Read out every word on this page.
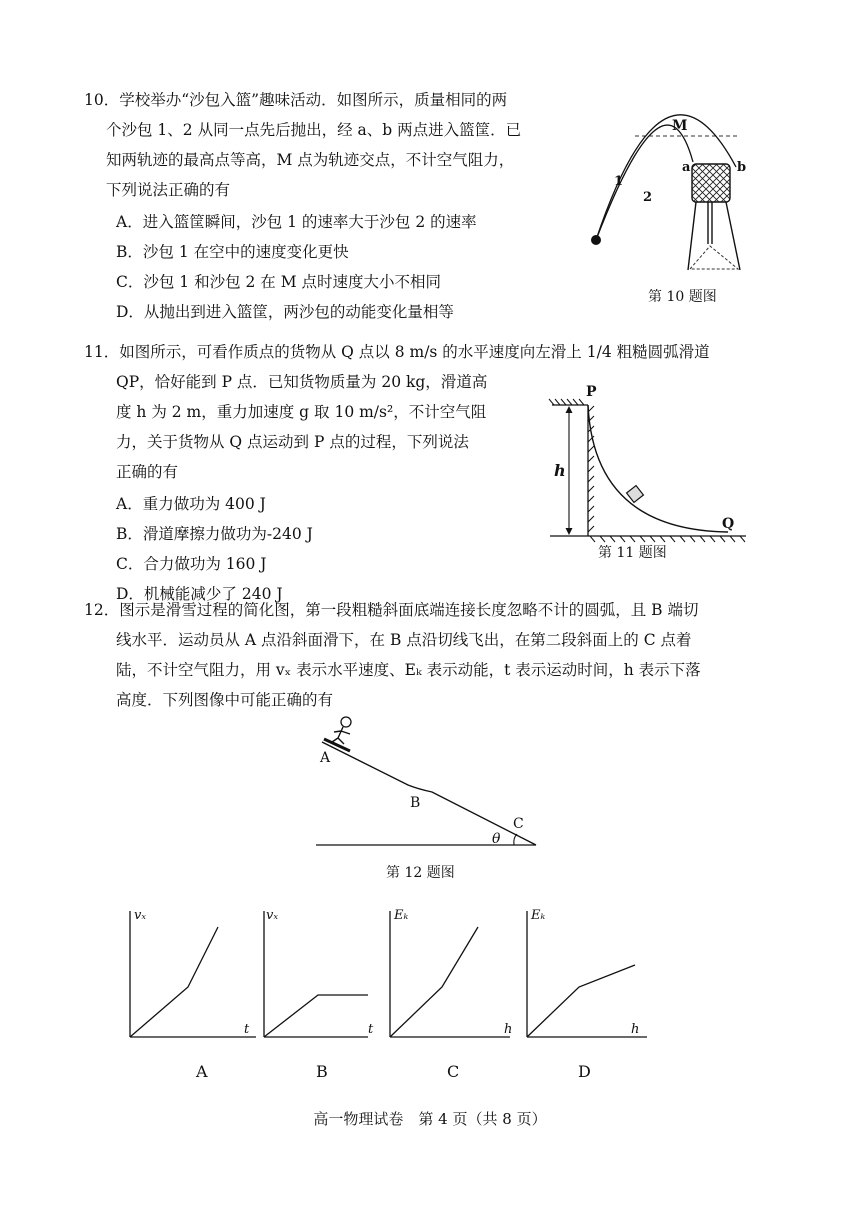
10．学校举办“沙包入篮”趣味活动．如图所示，质量相同的两
个沙包 1、2 从同一点先后抛出，经 a、b 两点进入篮筐．已
知两轨迹的最高点等高，M 点为轨迹交点，不计空气阻力，
下列说法正确的有
A．进入篮筐瞬间，沙包 1 的速率大于沙包 2 的速率
B．沙包 1 在空中的速度变化更快
C．沙包 1 和沙包 2 在 M 点时速度大小不相同
D．从抛出到进入篮筐，两沙包的动能变化量相等
M
a	b
1
2
第 10 题图
11．如图所示，可看作质点的货物从 Q 点以 8 m/s 的水平速度向左滑上 1/4 粗糙圆弧滑道
QP，恰好能到 P 点．已知货物质量为 20 kg，滑道高
度 h 为 2 m，重力加速度 g 取 10 m/s²，不计空气阻
力，关于货物从 Q 点运动到 P 点的过程，下列说法
正确的有
A．重力做功为 400 J
B．滑道摩擦力做功为-240 J
C．合力做功为 160 J
D．机械能减少了 240 J
h
P
Q
第 11 题图
12．图示是滑雪过程的简化图，第一段粗糙斜面底端连接长度忽略不计的圆弧，且 B 端切
线水平．运动员从 A 点沿斜面滑下，在 B 点沿切线飞出，在第二段斜面上的 C 点着
陆，不计空气阻力，用 vₓ 表示水平速度、Eₖ 表示动能，t 表示运动时间，h 表示下落
高度．下列图像中可能正确的有
A
B
C
θ
第 12 题图
vₓ
t
vₓ
t
Eₖ
h
Eₖ
h
A	B	C	D
高一物理试卷　第 4 页（共 8 页）
